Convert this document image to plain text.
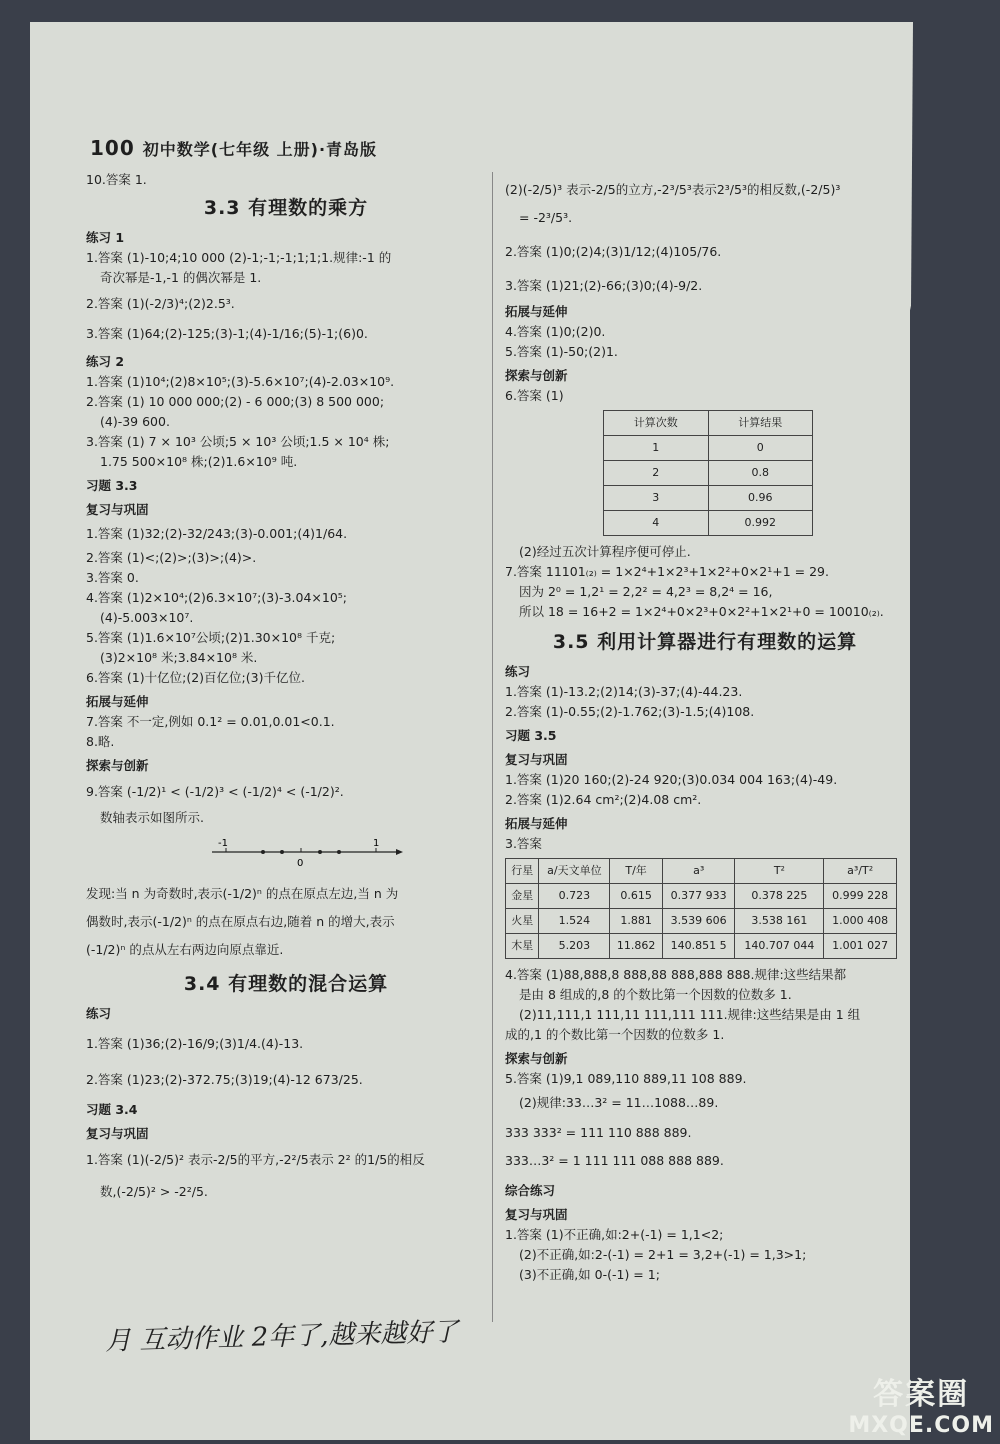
100 初中数学(七年级 上册)·青岛版
10.答案 1.
3.3 有理数的乘方
练习 1
1.答案 (1)-10;4;10 000 (2)-1;-1;-1;1;1;1.规律:-1 的
奇次幂是-1,-1 的偶次幂是 1.
2.答案 (1)(-2/3)⁴;(2)2.5³.
3.答案 (1)64;(2)-125;(3)-1;(4)-1/16;(5)-1;(6)0.
练习 2
1.答案 (1)10⁴;(2)8×10⁵;(3)-5.6×10⁷;(4)-2.03×10⁹.
2.答案 (1) 10 000 000;(2) - 6 000;(3) 8 500 000;
(4)-39 600.
3.答案 (1) 7 × 10³ 公顷;5 × 10³ 公顷;1.5 × 10⁴ 株;
1.75 500×10⁸ 株;(2)1.6×10⁹ 吨.
习题 3.3
复习与巩固
1.答案 (1)32;(2)-32/243;(3)-0.001;(4)1/64.
2.答案 (1)<;(2)>;(3)>;(4)>.
3.答案 0.
4.答案 (1)2×10⁴;(2)6.3×10⁷;(3)-3.04×10⁵;
(4)-5.003×10⁷.
5.答案 (1)1.6×10⁷公顷;(2)1.30×10⁸ 千克;
(3)2×10⁸ 米;3.84×10⁸ 米.
6.答案 (1)十亿位;(2)百亿位;(3)千亿位.
拓展与延伸
7.答案 不一定,例如 0.1² = 0.01,0.01<0.1.
8.略.
探索与创新
9.答案 (-1/2)¹ < (-1/2)³ < (-1/2)⁴ < (-1/2)².
数轴表示如图所示.
-1
0
1
发现:当 n 为奇数时,表示(-1/2)ⁿ 的点在原点左边,当 n 为
偶数时,表示(-1/2)ⁿ 的点在原点右边,随着 n 的增大,表示
(-1/2)ⁿ 的点从左右两边向原点靠近.
3.4 有理数的混合运算
练习
1.答案 (1)36;(2)-16/9;(3)1/4.(4)-13.
2.答案 (1)23;(2)-372.75;(3)19;(4)-12 673/25.
习题 3.4
复习与巩固
1.答案 (1)(-2/5)² 表示-2/5的平方,-2²/5表示 2² 的1/5的相反
数,(-2/5)² > -2²/5.
(2)(-2/5)³ 表示-2/5的立方,-2³/5³表示2³/5³的相反数,(-2/5)³
= -2³/5³.
2.答案 (1)0;(2)4;(3)1/12;(4)105/76.
3.答案 (1)21;(2)-66;(3)0;(4)-9/2.
拓展与延伸
4.答案 (1)0;(2)0.
5.答案 (1)-50;(2)1.
探索与创新
6.答案 (1)
计算次数	计算结果
1	0
2	0.8
3	0.96
4	0.992
(2)经过五次计算程序便可停止.
7.答案 11101₍₂₎ = 1×2⁴+1×2³+1×2²+0×2¹+1 = 29.
因为 2⁰ = 1,2¹ = 2,2² = 4,2³ = 8,2⁴ = 16,
所以 18 = 16+2 = 1×2⁴+0×2³+0×2²+1×2¹+0 = 10010₍₂₎.
3.5 利用计算器进行有理数的运算
练习
1.答案 (1)-13.2;(2)14;(3)-37;(4)-44.23.
2.答案 (1)-0.55;(2)-1.762;(3)-1.5;(4)108.
习题 3.5
复习与巩固
1.答案 (1)20 160;(2)-24 920;(3)0.034 004 163;(4)-49.
2.答案 (1)2.64 cm²;(2)4.08 cm².
拓展与延伸
3.答案
行星	a/天文单位	T/年	a³	T²	a³/T²
金星	0.723	0.615	0.377 933	0.378 225	0.999 228
火星	1.524	1.881	3.539 606	3.538 161	1.000 408
木星	5.203	11.862	140.851 5	140.707 044	1.001 027
4.答案 (1)88,888,8 888,88 888,888 888.规律:这些结果都
是由 8 组成的,8 的个数比第一个因数的位数多 1.
(2)11,111,1 111,11 111,111 111.规律:这些结果是由 1 组
成的,1 的个数比第一个因数的位数多 1.
探索与创新
5.答案 (1)9,1 089,110 889,11 108 889.
(2)规律:33…3² = 11…1088…89.
333 333² = 111 110 888 889.
333…3² = 1 111 111 088 888 889.
综合练习
复习与巩固
1.答案 (1)不正确,如:2+(-1) = 1,1<2;
(2)不正确,如:2-(-1) = 2+1 = 3,2+(-1) = 1,3>1;
(3)不正确,如 0-(-1) = 1;
月 互动作业 2年了,越来越好了
答案圈
MXQE.COM
